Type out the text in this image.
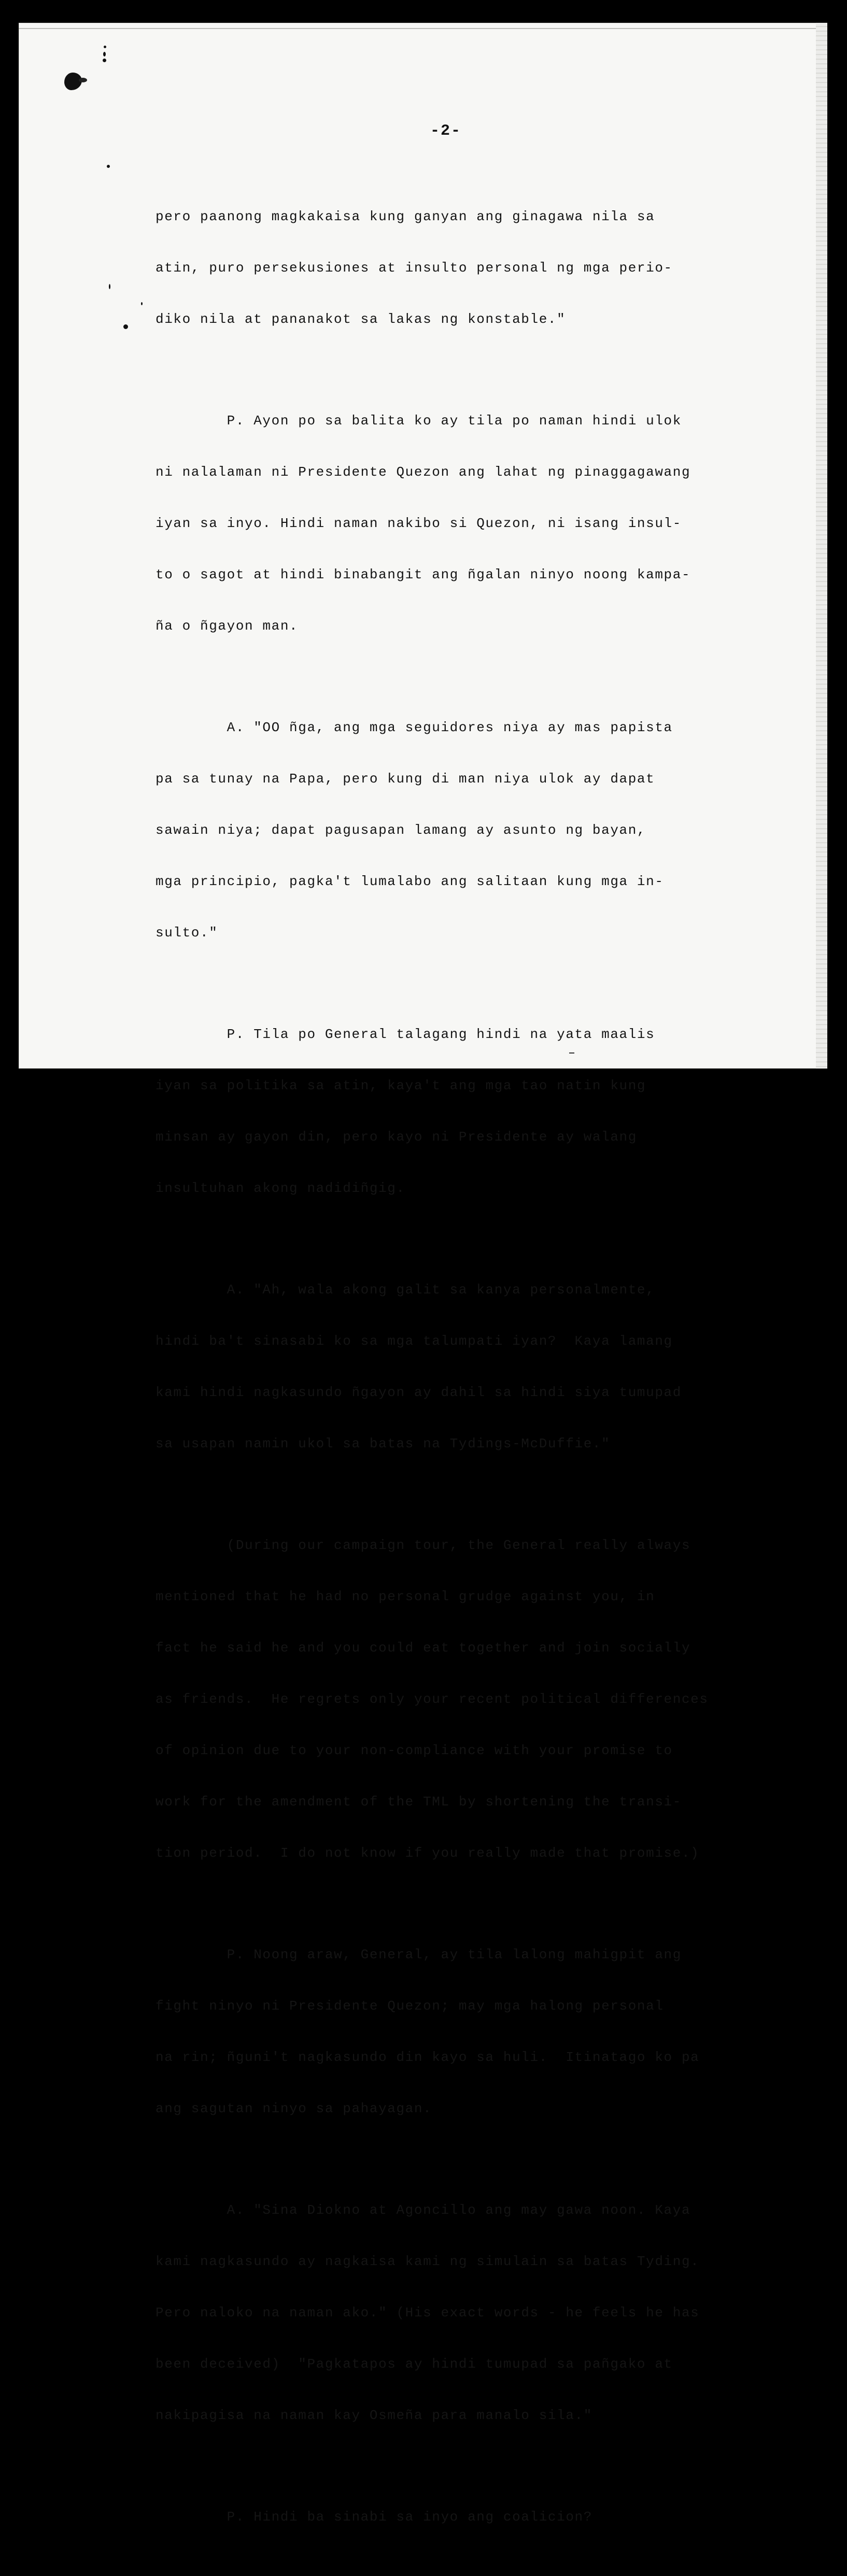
-2-

pero paanong magkakaisa kung ganyan ang ginagawa nila sa

atin, puro persekusiones at insulto personal ng mga perio-

diko nila at pananakot sa lakas ng konstable."

P. Ayon po sa balita ko ay tila po naman hindi ulok

ni nalalaman ni Presidente Quezon ang lahat ng pinaggagawang

iyan sa inyo. Hindi naman nakibo si Quezon, ni isang insul-

to o sagot at hindi binabangit ang ñgalan ninyo noong kampa-

ña o ñgayon man.

A. "OO ñga, ang mga seguidores niya ay mas papista

pa sa tunay na Papa, pero kung di man niya ulok ay dapat

sawain niya; dapat pagusapan lamang ay asunto ng bayan,

mga principio, pagka't lumalabo ang salitaan kung mga in-

sulto."

P. Tila po General talagang hindi na yata maalis

iyan sa politika sa atin, kaya't ang mga tao natin kung

minsan ay gayon din, pero kayo ni Presidente ay walang

insultuhan akong nadidiñgig.

A. "Ah, wala akong galit sa kanya personalmente,

hindi ba't sinasabi ko sa mga talumpati iyan?  Kaya lamang

kami hindi nagkasundo ñgayon ay dahil sa hindi siya tumupad

sa usapan namin ukol sa batas na Tydings-McDuffie."

(During our campaign tour, the General really always

mentioned that he had no personal grudge against you, in

fact he said he and you could eat together and join socially

as friends.  He regrets only your recent political differences

of opinion due to your non-compliance with your promise to

work for the amendment of the TML by shortening the transi-

tion period.  I do not know if you really made that promise.)

P. Noong araw, General, ay tila lalong mahigpit ang

fight ninyo ni Presidente Quezon; may mga halong personal

na rin; ñguni't nagkasundo din kayo sa huli.  Itinatago ko pa

ang sagutan ninyo sa pahayagan.

A. "Sina Diokno at Agoncillo ang may gawa noon. Kaya

kami nagkasundo ay nagkaisa kami ng simulain sa batas Tyding.

Pero naloko na naman ako." (His exact words - he feels he has

been deceived)  "Pagkatapos ay hindi tumupad sa pañgako at

nakipagisa na naman kay Osmeña para manalo sila."

P. Hindi ba sinabi sa inyo ang coalicion?
